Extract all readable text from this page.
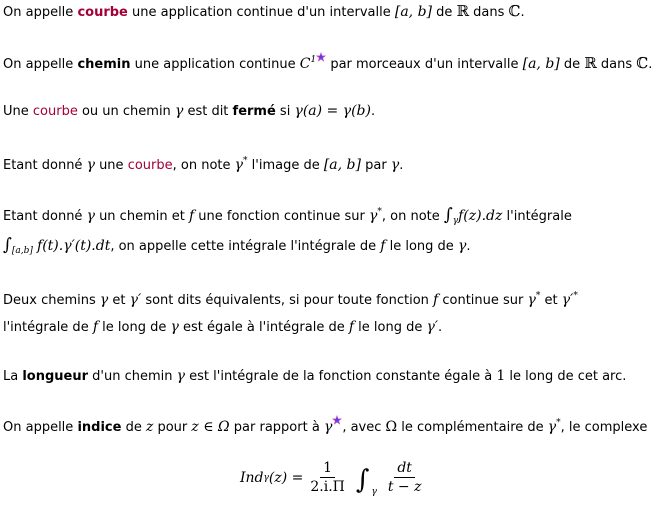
On appelle courbe une application continue d'un intervalle [a, b] de ℝ dans ℂ.
On appelle chemin une application continue $C^1$ par morceaux d'un intervalle [a, b] de ℝ dans ℂ.
Une courbe ou un chemin γ est dit fermé si γ(a) = γ(b).
Etant donné γ une courbe, on note γ* l'image de [a, b] par γ.
Etant donné γ un chemin et f une fonction continue sur γ*, on note $\int_\gamma f(z).dz$ l'intégrale
$\int_{[a,b]}$ f(t).γ′(t).dt, on appelle cette intégrale l'intégrale de f le long de γ.
Deux chemins γ et γ′ sont dits équivalents, si pour toute fonction f continue sur γ* et γ′*
l'intégrale de f le long de γ est égale à l'intégrale de f le long de γ′.
La longueur d'un chemin γ est l'intégrale de la fonction constante égale à 1 le long de cet arc.
On appelle indice de z pour z ∈ Ω par rapport à γ , avec Ω le complémentaire de γ*, le complexe
Ind γ $(z) = \frac{1}{2.i.\Pi}$ ∫ γ $\frac{dt}{t - z}$
